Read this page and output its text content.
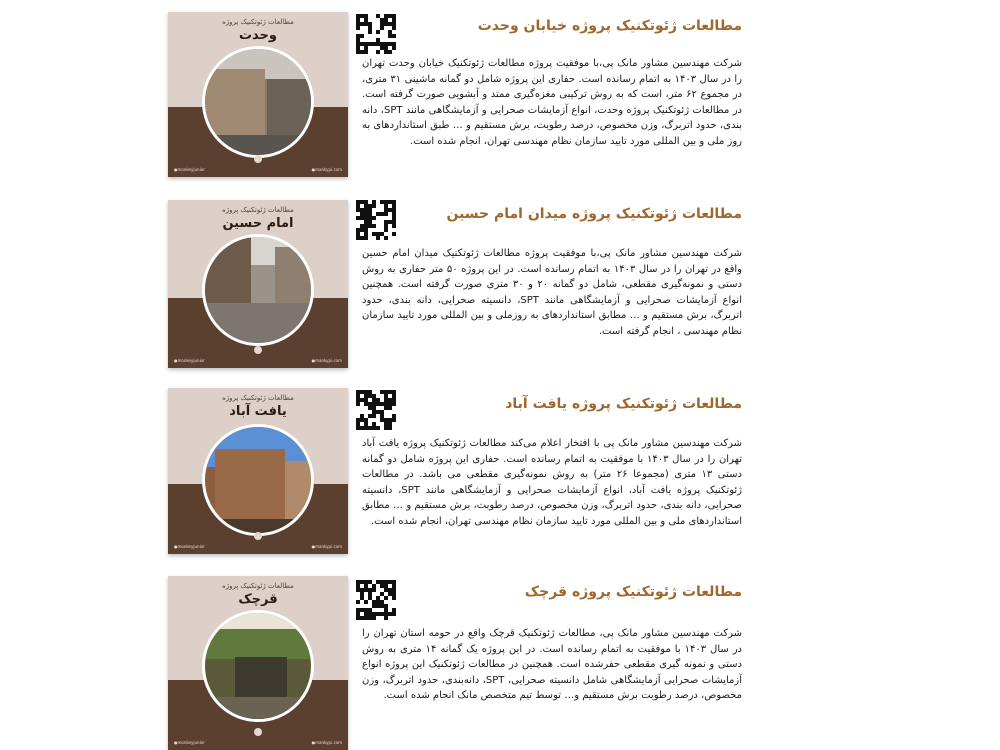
مطالعات ژئوتکنیک پروژه
وحدت
● monkeyjunior	● mankypi.com
مطالعات ژئوتکنیک پروژه خیابان وحدت

شرکت مهندسین مشاور مانک پی،با موفقیت پروژه مطالعات ژئوتکنیک خیابان وحدت تهران را در سال ۱۴۰۳ به اتمام رسانده است. حفاری این پروژه شامل دو گمانه ماشینی ۳۱ متری، در مجموع ۶۲ متر، است که به روش ترکیبی مغزه‌گیری ممتد و آبشویی صورت گرفته است. در مطالعات ژئوتکنیک پروژه وحدت، انواع آزمایشات صحرایی و آزمایشگاهی مانند SPT، دانه بندی، حدود اتربرگ، وزن مخصوص، درصد رطوبت، برش مستقیم و … طبق استانداردهای به روز ملی و بین المللی مورد تایید سازمان نظام مهندسی تهران، انجام شده است.

مطالعات ژئوتکنیک پروژه
امام حسین
● monkeyjunior	● mankypi.com
مطالعات ژئوتکنیک پروژه میدان امام حسین

شرکت مهندسین مشاور مانک پی،با موفقیت پروژه مطالعات ژئوتکنیک میدان امام حسین واقع در تهران را در سال ۱۴۰۳ به اتمام رسانده است. در این پروژه ۵۰ متر حفاری به روش دستی و نمونه‌گیری مقطعی، شامل دو گمانه ۲۰ و ۳۰ متری صورت گرفته است. همچنین انواع آزمایشات صحرایی و آزمایشگاهی مانند SPT، دانسیته صحرایی، دانه بندی، حدود اتربرگ، برش مستقیم و … مطابق استانداردهای به روزملی و بین المللی مورد تایید سازمان نظام مهندسی ، انجام گرفته است.

مطالعات ژئوتکنیک پروژه
یافت آباد
● monkeyjunior	● mankypi.com
مطالعات ژئوتکنیک پروژه یافت آباد

شرکت مهندسین مشاور مانک پی با افتخار اعلام می‌کند مطالعات ژئوتکنیک پروژه یافت آباد تهران را در سال ۱۴۰۳ با موفقیت به اتمام رسانده است. حفاری این پروژه شامل دو گمانه دستی ۱۳ متری (مجموعا ۲۶ متر) به روش نمونه‌گیری مقطعی می باشد. در مطالعات ژئوتکنیک پروژه یافت آباد، انواع آزمایشات صحرایی و آزمایشگاهی مانند SPT، دانسیته صحرایی، دانه بندی، حدود اتربرگ، وزن مخصوص، درصد رطوبت، برش مستقیم و … مطابق استانداردهای ملی و بین المللی مورد تایید سازمان نظام مهندسی تهران، انجام شده است.

مطالعات ژئوتکنیک پروژه
قرچک
● monkeyjunior	● mankypi.com
مطالعات ژئوتکنیک پروژه قرچک

شرکت مهندسین مشاور مانک پی، مطالعات ژئوتکنیک قرچک واقع در حومه استان تهران را در سال ۱۴۰۳ با موفقیت به اتمام رسانده است. در این پروژه یک گمانه ۱۴ متری به روش دستی و نمونه گیری مقطعی حفرشده است. همچنین در مطالعات ژئوتکنیک این پروژه انواع آزمایشات صحرایی آزمایشگاهی شامل دانسیته صحرایی، SPT، دانه‌بندی، حدود اتربرگ، وزن مخصوص، درصد رطوبت برش مستقیم و… توسط تیم متخصص مانک انجام شده است.
